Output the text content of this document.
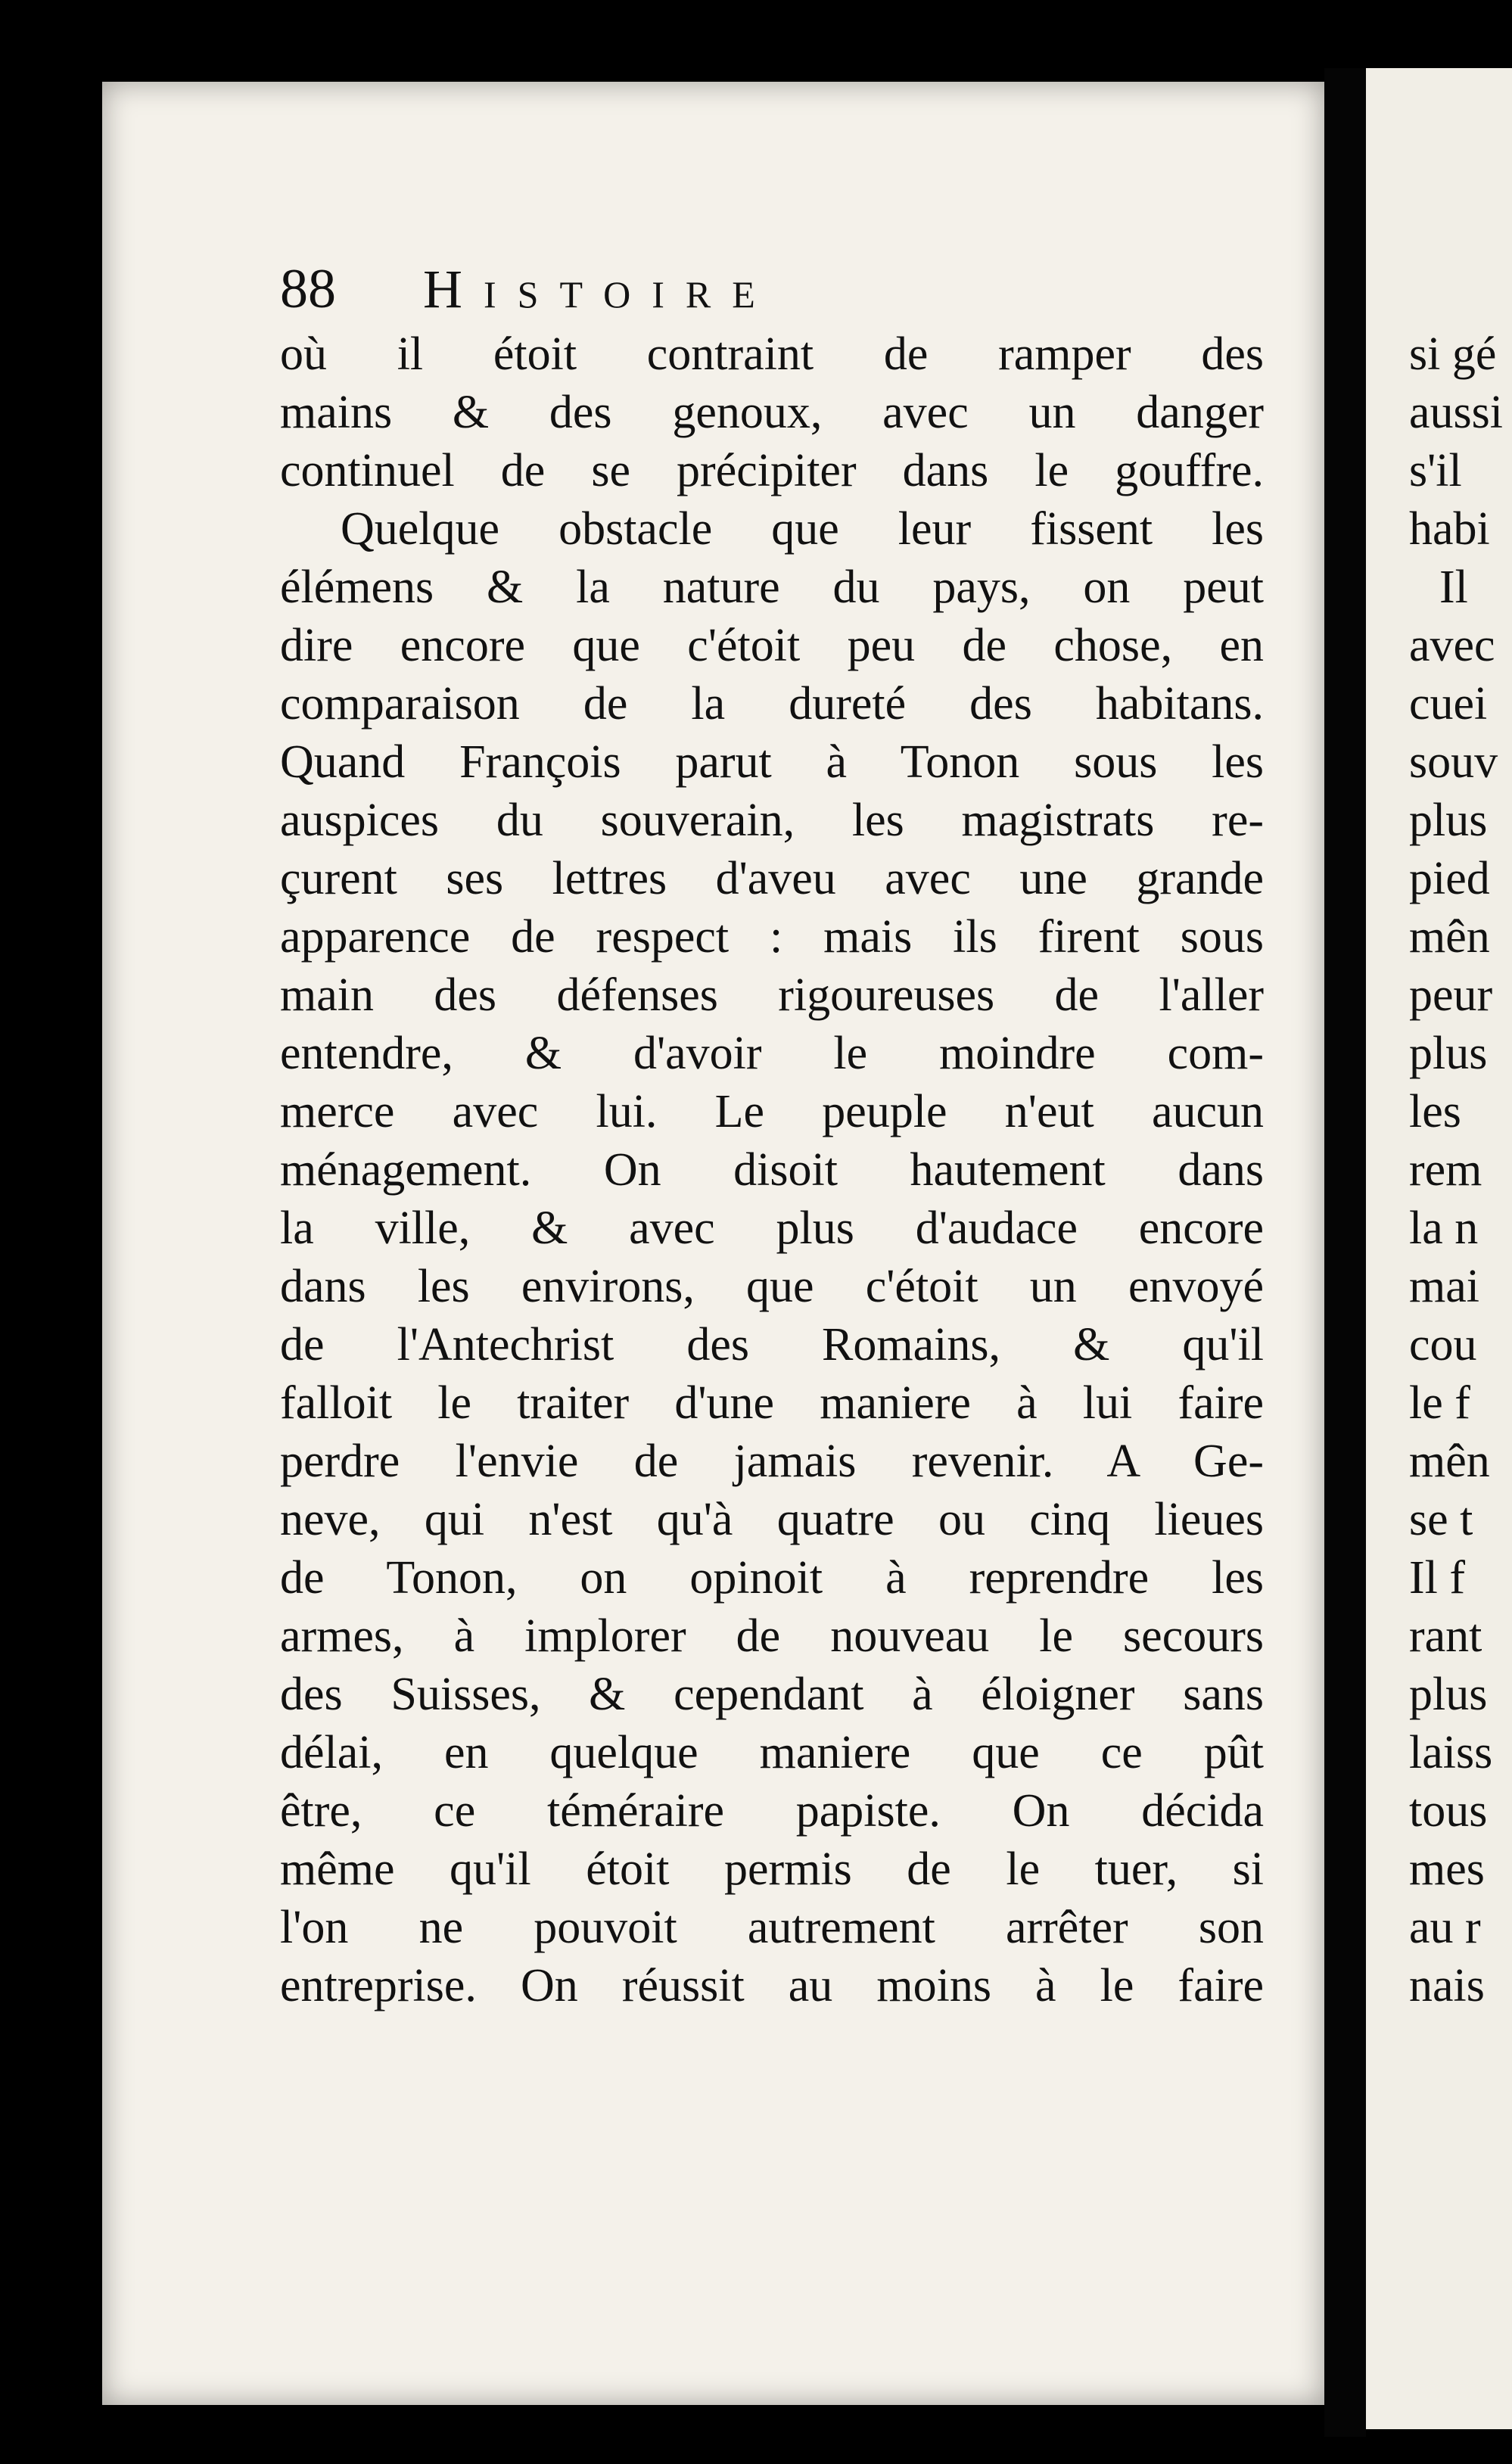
88 Histoire
où il étoit contraint de ramper des
mains & des genoux, avec un danger
continuel de se précipiter dans le gouffre.
Quelque obstacle que leur fissent les
élémens & la nature du pays, on peut
dire encore que c'étoit peu de chose, en
comparaison de la dureté des habitans.
Quand François parut à Tonon sous les
auspices du souverain, les magistrats re-
çurent ses lettres d'aveu avec une grande
apparence de respect : mais ils firent sous
main des défenses rigoureuses de l'aller
entendre, & d'avoir le moindre com-
merce avec lui. Le peuple n'eut aucun
ménagement. On disoit hautement dans
la ville, & avec plus d'audace encore
dans les environs, que c'étoit un envoyé
de l'Antechrist des Romains, & qu'il
falloit le traiter d'une maniere à lui faire
perdre l'envie de jamais revenir. A Ge-
neve, qui n'est qu'à quatre ou cinq lieues
de Tonon, on opinoit à reprendre les
armes, à implorer de nouveau le secours
des Suisses, & cependant à éloigner sans
délai, en quelque maniere que ce pût
être, ce téméraire papiste. On décida
même qu'il étoit permis de le tuer, si
l'on ne pouvoit autrement arrêter son
entreprise. On réussit au moins à le faire
si gé
aussi
s'il
habi
Il
avec
cuei
souv
plus
pied
mên
peur
plus
les
rem
la n
mai
cou
le f
mên
se t
Il f
rant
plus
laiss
tous
mes
au r
nais
